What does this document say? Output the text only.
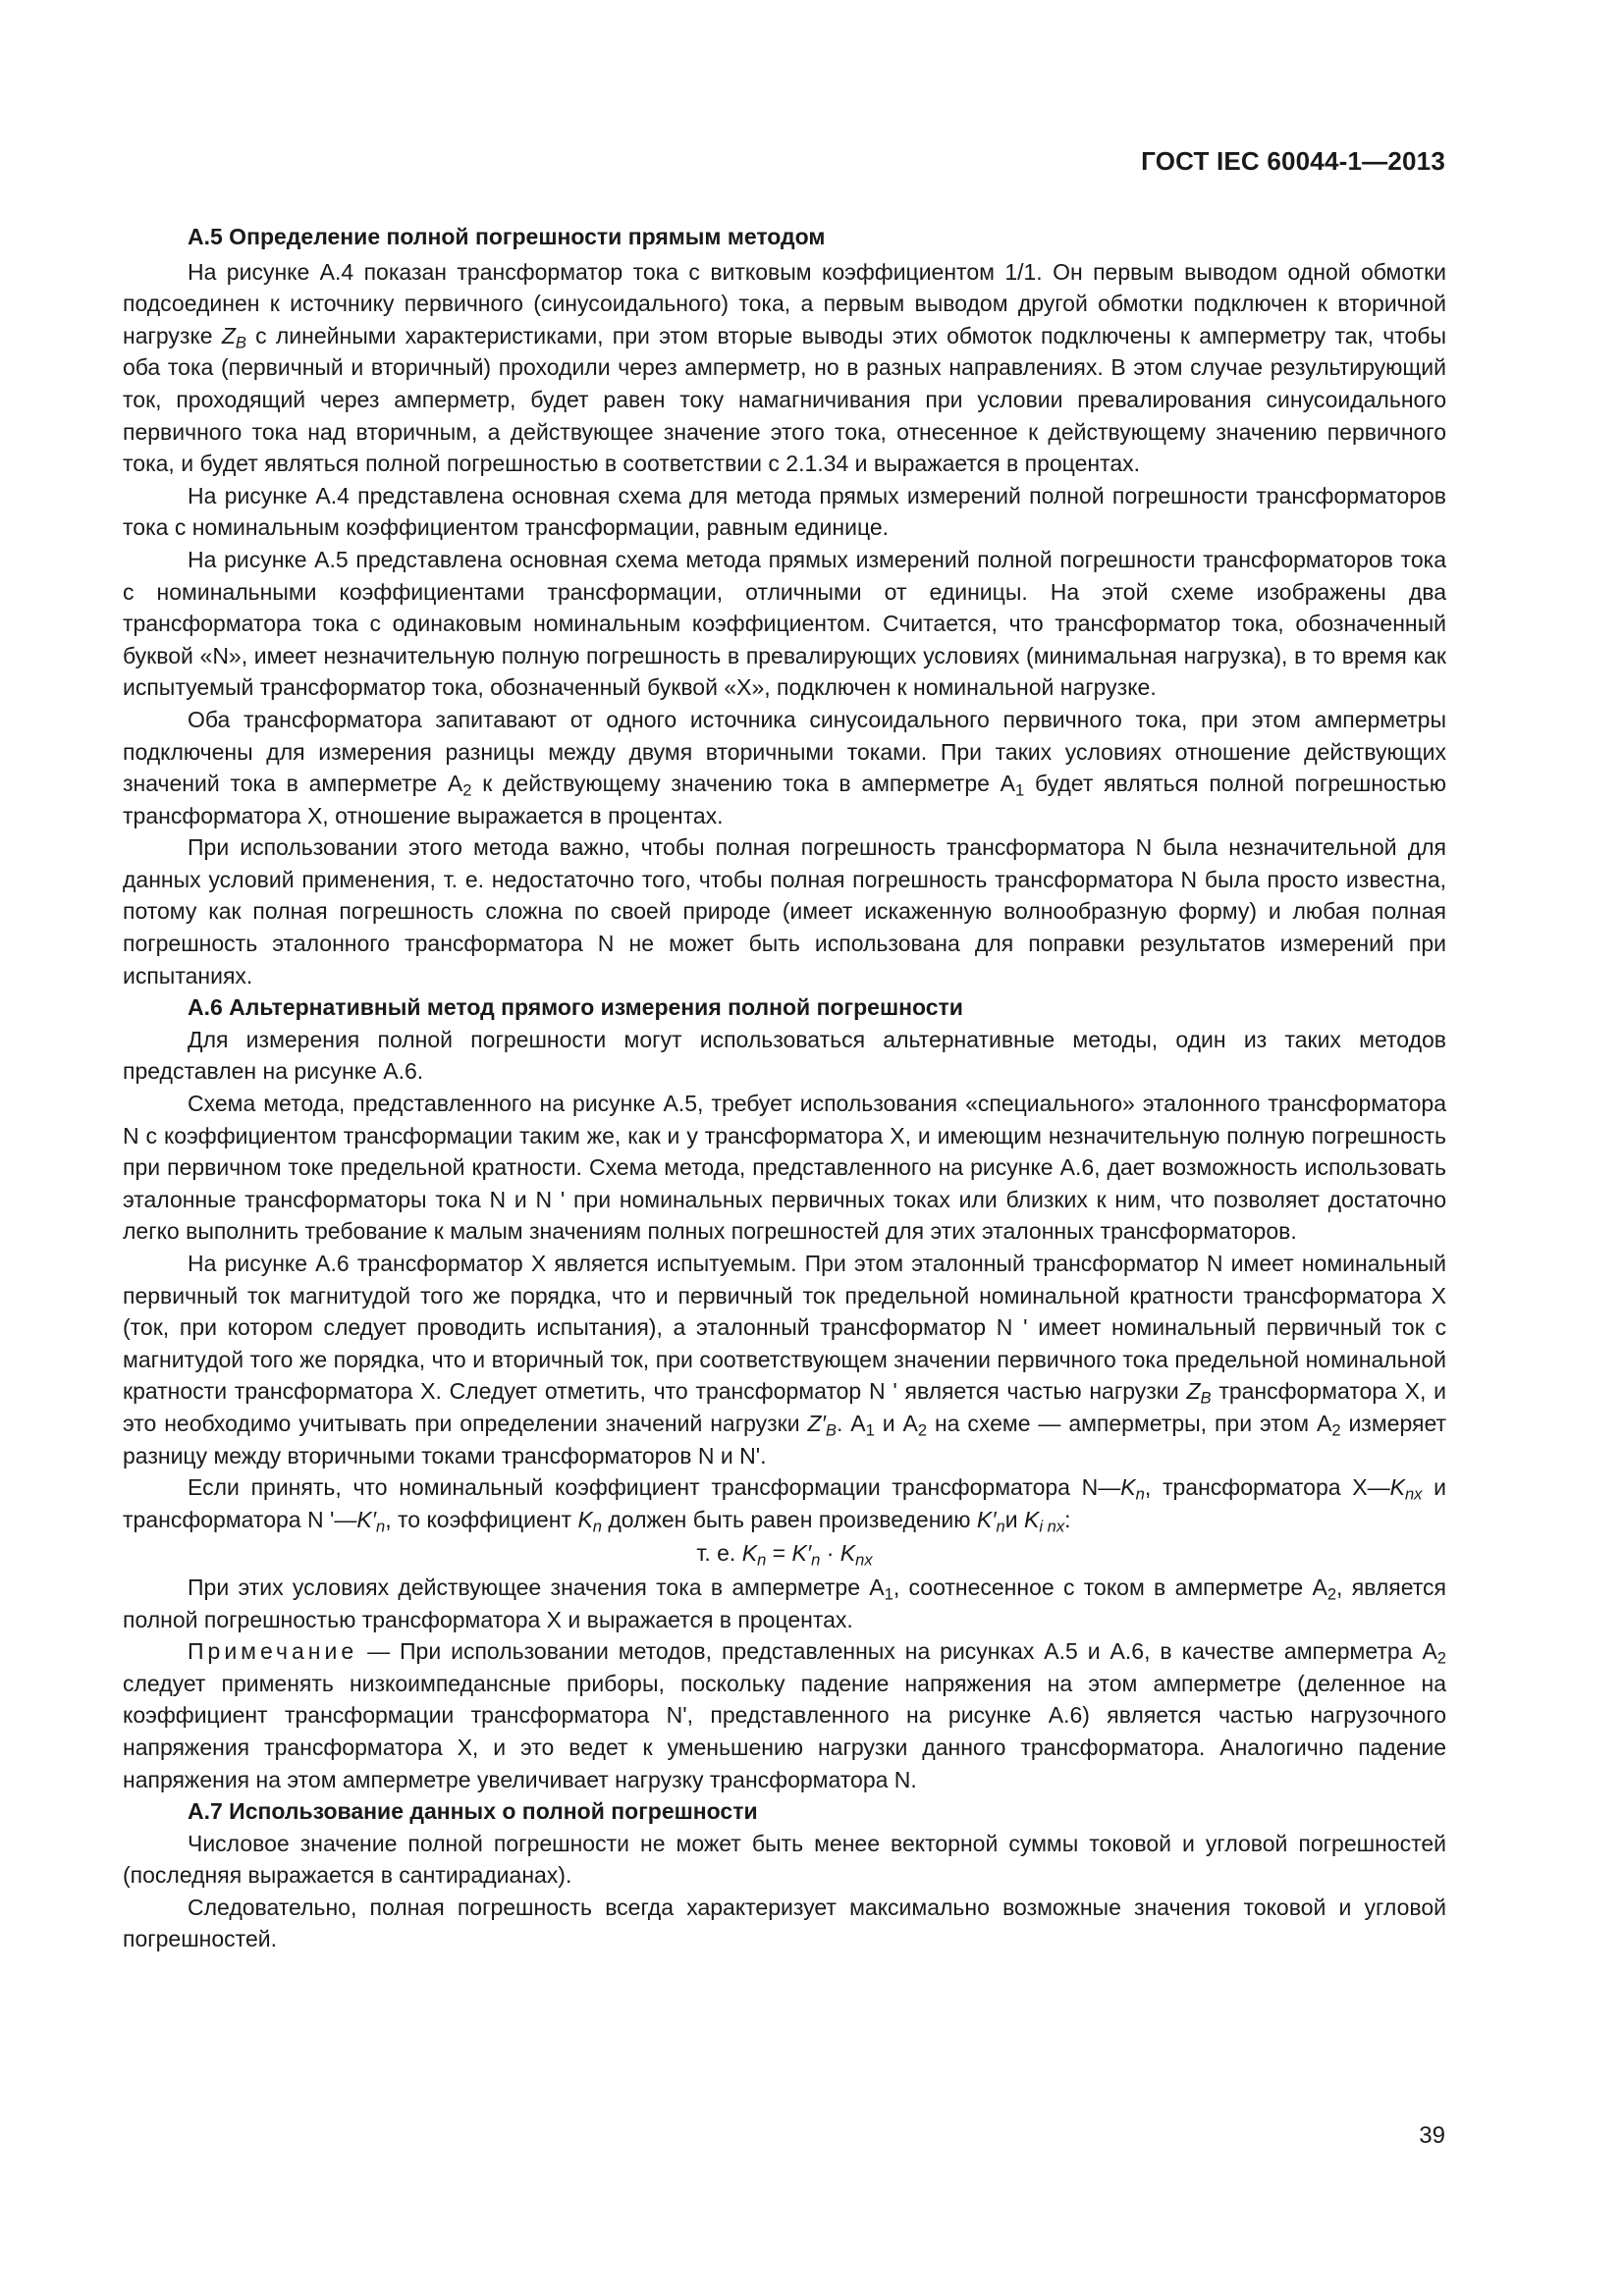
ГОСТ IEC 60044-1—2013
А.5 Определение полной погрешности прямым методом

На рисунке А.4 показан трансформатор тока с витковым коэффициентом 1/1. Он первым выводом одной обмотки подсоединен к источнику первичного (синусоидального) тока, а первым выводом другой обмотки подключен к вторичной нагрузке $Z_B$ с линейными характеристиками, при этом вторые выводы этих обмоток подключены к амперметру так, чтобы оба тока (первичный и вторичный) проходили через амперметр, но в разных направлениях. В этом случае результирующий ток, проходящий через амперметр, будет равен току намагничивания при условии превалирования синусоидального первичного тока над вторичным, а действующее значение этого тока, отнесенное к действующему значению первичного тока, и будет являться полной погрешностью в соответствии с 2.1.34 и выражается в процентах.

На рисунке А.4 представлена основная схема для метода прямых измерений полной погрешности трансформаторов тока с номинальным коэффициентом трансформации, равным единице.

На рисунке А.5 представлена основная схема метода прямых измерений полной погрешности трансформаторов тока с номинальными коэффициентами трансформации, отличными от единицы. На этой схеме изображены два трансформатора тока с одинаковым номинальным коэффициентом. Считается, что трансформатор тока, обозначенный буквой «N», имеет незначительную полную погрешность в превалирующих условиях (минимальная нагрузка), в то время как испытуемый трансформатор тока, обозначенный буквой «X», подключен к номинальной нагрузке.

Оба трансформатора запитавают от одного источника синусоидального первичного тока, при этом амперметры подключены для измерения разницы между двумя вторичными токами. При таких условиях отношение действующих значений тока в амперметре $А_2$ к действующему значению тока в амперметре $А_1$ будет являться полной погрешностью трансформатора X, отношение выражается в процентах.

При использовании этого метода важно, чтобы полная погрешность трансформатора N была незначительной для данных условий применения, т. е. недостаточно того, чтобы полная погрешность трансформатора N была просто известна, потому как полная погрешность сложна по своей природе (имеет искаженную волнообразную форму) и любая полная погрешность эталонного трансформатора N не может быть использована для поправки результатов измерений при испытаниях.

А.6 Альтернативный метод прямого измерения полной погрешности

Для измерения полной погрешности могут использоваться альтернативные методы, один из таких методов представлен на рисунке А.6.

Схема метода, представленного на рисунке А.5, требует использования «специального» эталонного трансформатора N с коэффициентом трансформации таким же, как и у трансформатора X, и имеющим незначительную полную погрешность при первичном токе предельной кратности. Схема метода, представленного на рисунке А.6, дает возможность использовать эталонные трансформаторы тока N и N ' при номинальных первичных токах или близких к ним, что позволяет достаточно легко выполнить требование к малым значениям полных погрешностей для этих эталонных трансформаторов.

На рисунке А.6 трансформатор X является испытуемым. При этом эталонный трансформатор N имеет номинальный первичный ток магнитудой того же порядка, что и первичный ток предельной номинальной кратности трансформатора X (ток, при котором следует проводить испытания), а эталонный трансформатор N ' имеет номинальный первичный ток с магнитудой того же порядка, что и вторичный ток, при соответствующем значении первичного тока предельной номинальной кратности трансформатора X. Следует отметить, что трансформатор N ' является частью нагрузки $Z_B$ трансформатора X, и это необходимо учитывать при определении значений нагрузки $Z'_B$. $А_1$ и $А_2$ на схеме — амперметры, при этом $А_2$ измеряет разницу между вторичными токами трансформаторов N и N'.

Если принять, что номинальный коэффициент трансформации трансформатора $N—K_n$, трансформатора $X—K_{nx}$ и трансформатора N '$—K'_n$, то коэффициент $K_n$ должен быть равен произведению $K'_nи$ $K_{i nx}$:

т. е. $K_n = K'_n \cdot K_{nx}$

При этих условиях действующее значения тока в амперметре $А_1$, соотнесенное с током в амперметре $А_2$, является полной погрешностью трансформатора X и выражается в процентах.

Примечание — При использовании методов, представленных на рисунках А.5 и А.6, в качестве амперметра $А_2$ следует применять низкоимпедансные приборы, поскольку падение напряжения на этом амперметре (деленное на коэффициент трансформации трансформатора N', представленного на рисунке А.6) является частью нагрузочного напряжения трансформатора X, и это ведет к уменьшению нагрузки данного трансформатора. Аналогично падение напряжения на этом амперметре увеличивает нагрузку трансформатора N.

А.7 Использование данных о полной погрешности

Числовое значение полной погрешности не может быть менее векторной суммы токовой и угловой погрешностей (последняя выражается в сантирадианах).

Следовательно, полная погрешность всегда характеризует максимально возможные значения токовой и угловой погрешностей.

39
